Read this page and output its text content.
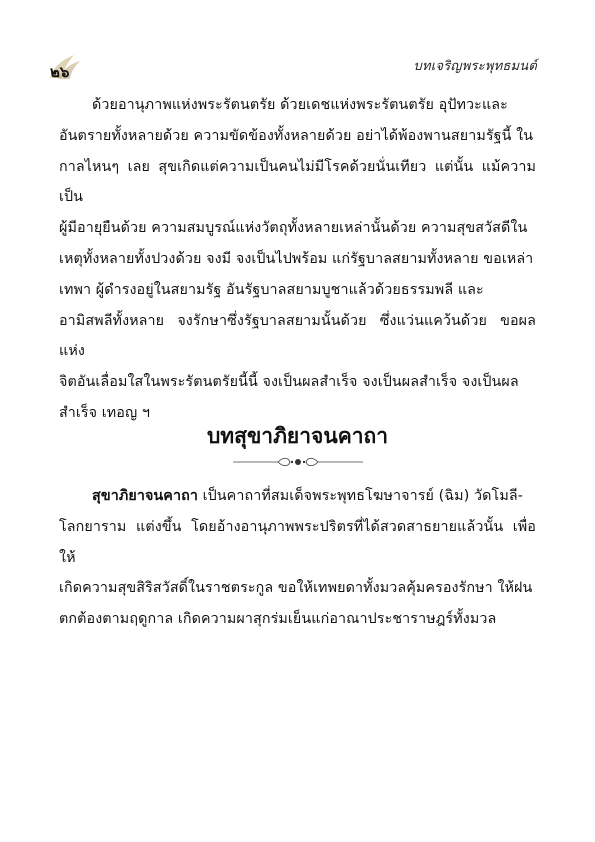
๒๖	บทเจริญพระพุทธมนต์

ด้วยอานุภาพแห่งพระรัตนตรัย ด้วยเดชแห่งพระรัตนตรัย อุปัทวะและ

อันตรายทั้งหลายด้วย ความขัดข้องทั้งหลายด้วย อย่าได้พ้องพานสยามรัฐนี้ ใน

กาลไหนๆ เลย สุขเกิดแต่ความเป็นคนไม่มีโรคด้วยนั่นเทียว แต่นั้น แม้ความเป็น

ผู้มีอายุยืนด้วย ความสมบูรณ์แห่งวัตถุทั้งหลายเหล่านั้นด้วย ความสุขสวัสดีใน

เหตุทั้งหลายทั้งปวงด้วย จงมี จงเป็นไปพร้อม แก่รัฐบาลสยามทั้งหลาย ขอเหล่า

เทพา ผู้ดำรงอยู่ในสยามรัฐ อันรัฐบาลสยามบูชาแล้วด้วยธรรมพลี และ

อามิสพลีทั้งหลาย จงรักษาซึ่งรัฐบาลสยามนั้นด้วย ซึ่งแว่นแคว้นด้วย ขอผลแห่ง

จิตอันเลื่อมใสในพระรัตนตรัยนี้นี้ จงเป็นผลสำเร็จ จงเป็นผลสำเร็จ จงเป็นผล

สำเร็จ เทอญ ฯ

บทสุขาภิยาจนคาถา

สุขาภิยาจนคาถา เป็นคาถาที่สมเด็จพระพุทธโฆษาจารย์ (ฉิม) วัดโมลี-

โลกยาราม แต่งขึ้น โดยอ้างอานุภาพพระปริตรที่ได้สวดสาธยายแล้วนั้น เพื่อให้

เกิดความสุขสิริสวัสดิ์ในราชตระกูล ขอให้เทพยดาทั้งมวลคุ้มครองรักษา ให้ฝน

ตกต้องตามฤดูกาล เกิดความผาสุกร่มเย็นแก่อาณาประชาราษฎร์ทั้งมวล
